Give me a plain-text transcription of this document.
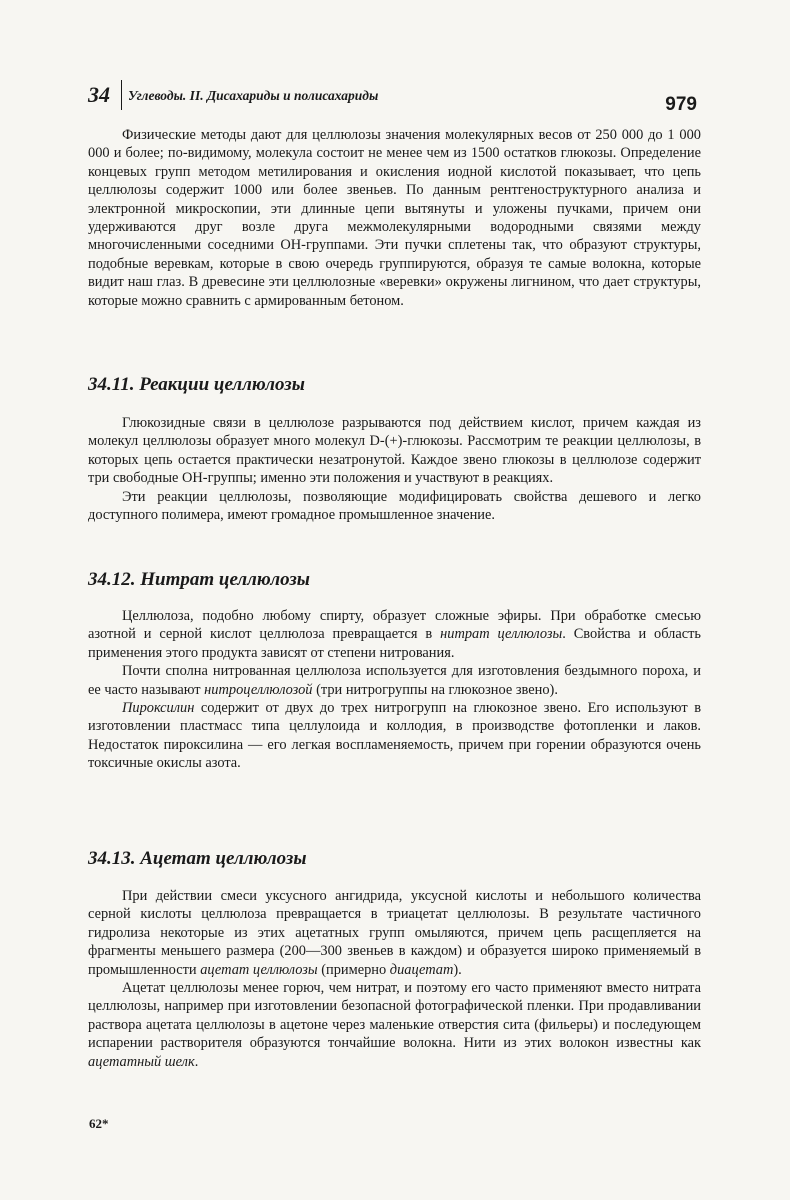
34 Углеводы. II. Дисахариды и полисахариды	979

Физические методы дают для целлюлозы значения молекулярных весов от 250 000 до 1 000 000 и более; по-видимому, молекула состоит не менее чем из 1500 остатков глюкозы. Определение концевых групп методом метилирования и окисления иодной кислотой показывает, что цепь целлюлозы содержит 1000 или более звеньев. По данным рентгеноструктурного анализа и электронной микроскопии, эти длинные цепи вытянуты и уложены пучками, причем они удерживаются друг возле друга межмолекулярными водородными связями между многочисленными соседними ОН-группами. Эти пучки сплетены так, что образуют структуры, подобные веревкам, которые в свою очередь группируются, образуя те самые волокна, которые видит наш глаз. В древесине эти целлюлозные «веревки» окружены лигнином, что дает структуры, которые можно сравнить с армированным бетоном.

34.11. Реакции целлюлозы

Глюкозидные связи в целлюлозе разрываются под действием кислот, причем каждая из молекул целлюлозы образует много молекул D-(+)-глюкозы. Рассмотрим те реакции целлюлозы, в которых цепь остается практически незатронутой. Каждое звено глюкозы в целлюлозе содержит три свободные ОН-группы; именно эти положения и участвуют в реакциях.

Эти реакции целлюлозы, позволяющие модифицировать свойства дешевого и легко доступного полимера, имеют громадное промышленное значение.

34.12. Нитрат целлюлозы

Целлюлоза, подобно любому спирту, образует сложные эфиры. При обработке смесью азотной и серной кислот целлюлоза превращается в нитрат целлюлозы. Свойства и область применения этого продукта зависят от степени нитрования.

Почти сполна нитрованная целлюлоза используется для изготовления бездымного пороха, и ее часто называют нитроцеллюлозой (три нитрогруппы на глюкозное звено).

Пироксилин содержит от двух до трех нитрогрупп на глюкозное звено. Его используют в изготовлении пластмасс типа целлулоида и коллодия, в производстве фотопленки и лаков. Недостаток пироксилина — его легкая воспламеняемость, причем при горении образуются очень токсичные окислы азота.

34.13. Ацетат целлюлозы

При действии смеси уксусного ангидрида, уксусной кислоты и небольшого количества серной кислоты целлюлоза превращается в триацетат целлюлозы. В результате частичного гидролиза некоторые из этих ацетатных групп омыляются, причем цепь расщепляется на фрагменты меньшего размера (200—300 звеньев в каждом) и образуется широко применяемый в промышленности ацетат целлюлозы (примерно диацетат).

Ацетат целлюлозы менее горюч, чем нитрат, и поэтому его часто применяют вместо нитрата целлюлозы, например при изготовлении безопасной фотографической пленки. При продавливании раствора ацетата целлюлозы в ацетоне через маленькие отверстия сита (фильеры) и последующем испарении растворителя образуются тончайшие волокна. Нити из этих волокон известны как ацетатный шелк.

62*
